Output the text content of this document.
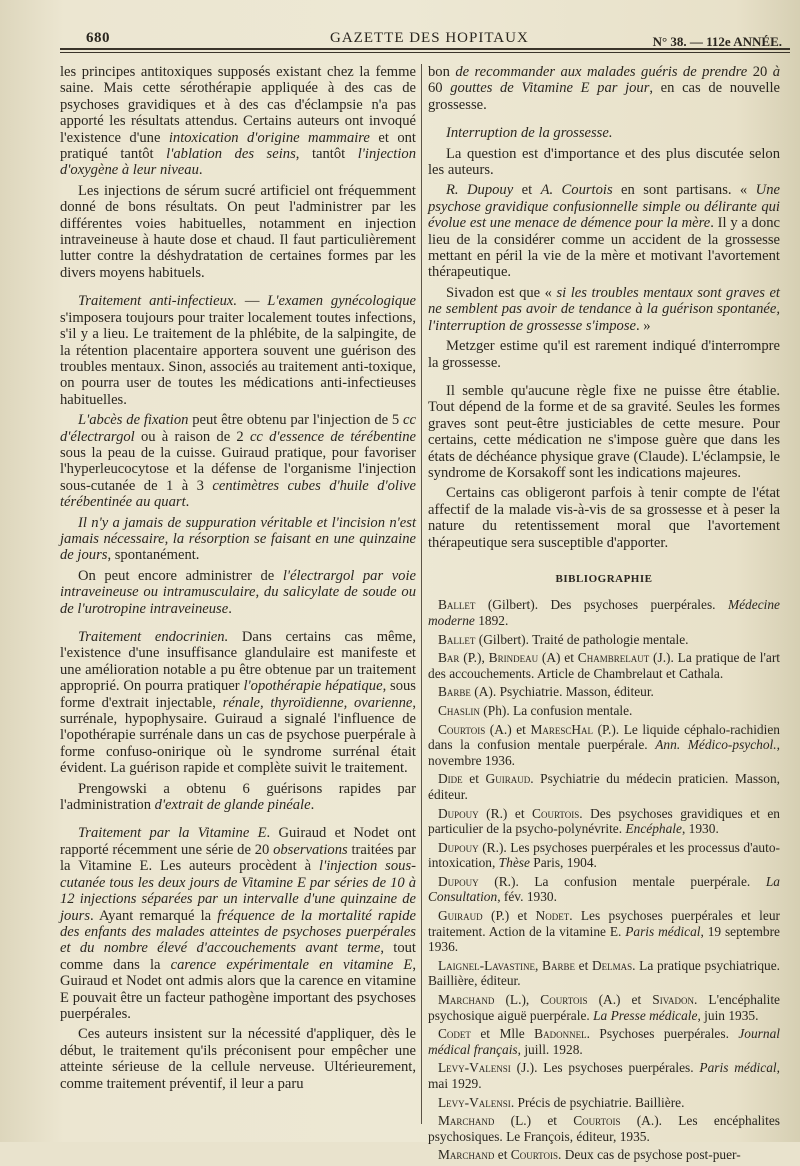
680	GAZETTE DES HOPITAUX	N° 38. — 112e ANNÉE.

les principes antitoxiques supposés existant chez la femme saine. Mais cette sérothérapie appliquée à des cas de psychoses gravidiques et à des cas d'éclampsie n'a pas apporté les résultats attendus. Certains auteurs ont invoqué l'existence d'une intoxication d'origine mammaire et ont pratiqué tantôt l'ablation des seins, tantôt l'injection d'oxygène à leur niveau.

Les injections de sérum sucré artificiel ont fréquemment donné de bons résultats. On peut l'administrer par les différentes voies habituelles, notamment en injection intraveineuse à haute dose et chaud. Il faut particulièrement lutter contre la déshydratation de certaines formes par les divers moyens habituels.

Traitement anti-infectieux. — L'examen gynécologique s'imposera toujours pour traiter localement toutes infections, s'il y a lieu. Le traitement de la phlébite, de la salpingite, de la rétention placentaire apportera souvent une guérison des troubles mentaux. Sinon, associés au traitement anti-toxique, on pourra user de toutes les médications anti-infectieuses habituelles.

L'abcès de fixation peut être obtenu par l'injection de 5 cc d'électrargol ou à raison de 2 cc d'essence de térébentine sous la peau de la cuisse. Guiraud pratique, pour favoriser l'hyperleucocytose et la défense de l'organisme l'injection sous-cutanée de 1 à 3 centimètres cubes d'huile d'olive térébentinée au quart.

Il n'y a jamais de suppuration véritable et l'incision n'est jamais nécessaire, la résorption se faisant en une quinzaine de jours, spontanément.

On peut encore administrer de l'électrargol par voie intraveineuse ou intramusculaire, du salicylate de soude ou de l'urotropine intraveineuse.

Traitement endocrinien. Dans certains cas même, l'existence d'une insuffisance glandulaire est manifeste et une amélioration notable a pu être obtenue par un traitement approprié. On pourra pratiquer l'opothérapie hépatique, sous forme d'extrait injectable, rénale, thyroïdienne, ovarienne, surrénale, hypophysaire. Guiraud a signalé l'influence de l'opothérapie surrénale dans un cas de psychose puerpérale à forme confuso-onirique où le syndrome surrénal était évident. La guérison rapide et complète suivit le traitement.

Prengowski a obtenu 6 guérisons rapides par l'administration d'extrait de glande pinéale.

Traitement par la Vitamine E. Guiraud et Nodet ont rapporté récemment une série de 20 observations traitées par la Vitamine E. Les auteurs procèdent à l'injection sous-cutanée tous les deux jours de Vitamine E par séries de 10 à 12 injections séparées par un intervalle d'une quinzaine de jours. Ayant remarqué la fréquence de la mortalité rapide des enfants des malades atteintes de psychoses puerpérales et du nombre élevé d'accouchements avant terme, tout comme dans la carence expérimentale en vitamine E, Guiraud et Nodet ont admis alors que la carence en vitamine E pouvait être un facteur pathogène important des psychoses puerpérales.

Ces auteurs insistent sur la nécessité d'appliquer, dès le début, le traitement qu'ils préconisent pour empêcher une atteinte sérieuse de la cellule nerveuse. Ultérieurement, comme traitement préventif, il leur a paru

bon de recommander aux malades guéris de prendre 20 à 60 gouttes de Vitamine E par jour, en cas de nouvelle grossesse.

Interruption de la grossesse.

La question est d'importance et des plus discutée selon les auteurs.

R. Dupouy et A. Courtois en sont partisans. « Une psychose gravidique confusionnelle simple ou délirante qui évolue est une menace de démence pour la mère. Il y a donc lieu de la considérer comme un accident de la grossesse mettant en péril la vie de la mère et motivant l'avortement thérapeutique.

Sivadon est que « si les troubles mentaux sont graves et ne semblent pas avoir de tendance à la guérison spontanée, l'interruption de grossesse s'impose. »

Metzger estime qu'il est rarement indiqué d'interrompre la grossesse.

Il semble qu'aucune règle fixe ne puisse être établie. Tout dépend de la forme et de sa gravité. Seules les formes graves sont peut-être justiciables de cette mesure. Pour certains, cette médication ne s'impose guère que dans les états de déchéance physique grave (Claude). L'éclampsie, le syndrome de Korsakoff sont les indications majeures.

Certains cas obligeront parfois à tenir compte de l'état affectif de la malade vis-à-vis de sa grossesse et à peser la nature du retentissement moral que l'avortement thérapeutique sera susceptible d'apporter.

BIBLIOGRAPHIE
Ballet (Gilbert). Des psychoses puerpérales. Médecine moderne 1892.
Ballet (Gilbert). Traité de pathologie mentale.
Bar (P.), Brindeau (A) et Chambrelaut (J.). La pratique de l'art des accouchements. Article de Chambrelaut et Cathala.
Barbe (A). Psychiatrie. Masson, éditeur.
Chaslin (Ph). La confusion mentale.
Courtois (A.) et MarescHal (P.). Le liquide céphalo-rachidien dans la confusion mentale puerpérale. Ann. Médico-psychol., novembre 1936.
Dide et Guiraud. Psychiatrie du médecin praticien. Masson, éditeur.
Dupouy (R.) et Courtois. Des psychoses gravidiques et en particulier de la psycho-polynévrite. Encéphale, 1930.
Dupouy (R.). Les psychoses puerpérales et les processus d'auto-intoxication, Thèse Paris, 1904.
Dupouy (R.). La confusion mentale puerpérale. La Consultation, fév. 1930.
Guiraud (P.) et Nodet. Les psychoses puerpérales et leur traitement. Action de la vitamine E. Paris médical, 19 septembre 1936.
Laignel-Lavastine, Barbe et Delmas. La pratique psychiatrique. Baillière, éditeur.
Marchand (L.), Courtois (A.) et Sivadon. L'encéphalite psychosique aiguë puerpérale. La Presse médicale, juin 1935.
Codet et Mlle Badonnel. Psychoses puerpérales. Journal médical français, juill. 1928.
Levy-Valensi (J.). Les psychoses puerpérales. Paris médical, mai 1929.
Levy-Valensi. Précis de psychiatrie. Baillière.
Marchand (L.) et Courtois (A.). Les encéphalites psychosiques. Le François, éditeur, 1935.
Marchand et Courtois. Deux cas de psychose post-puer-
